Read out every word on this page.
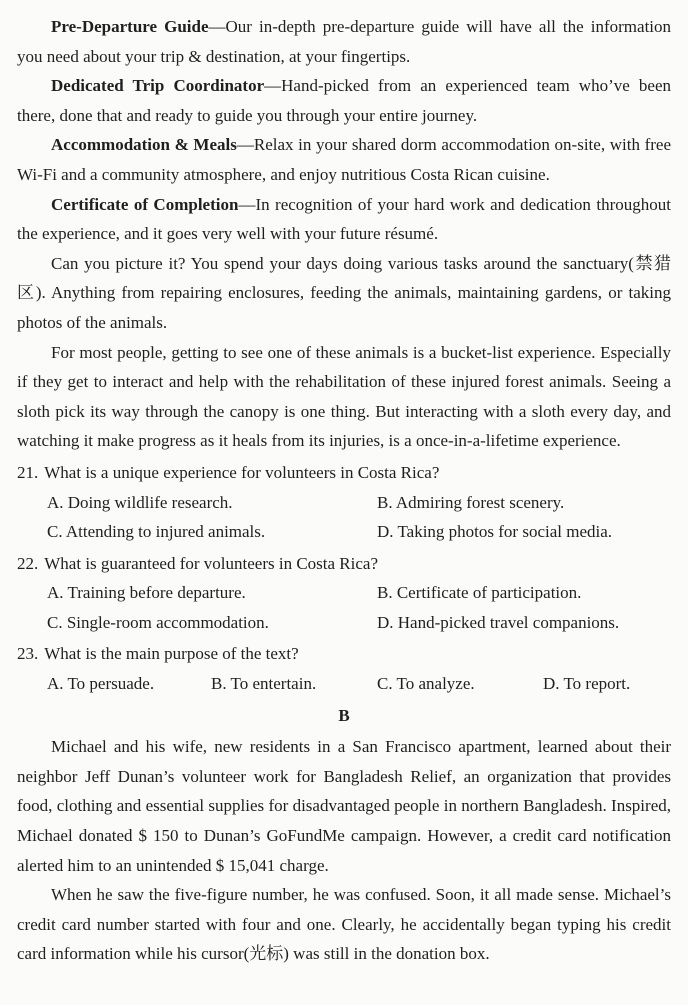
Pre-Departure Guide—Our in-depth pre-departure guide will have all the information you need about your trip & destination, at your fingertips.

Dedicated Trip Coordinator—Hand-picked from an experienced team who’ve been there, done that and ready to guide you through your entire journey.

Accommodation & Meals—Relax in your shared dorm accommodation on-site, with free Wi-Fi and a community atmosphere, and enjoy nutritious Costa Rican cuisine.

Certificate of Completion—In recognition of your hard work and dedication throughout the experience, and it goes very well with your future résumé.

Can you picture it? You spend your days doing various tasks around the sanctuary(禁猎区). Anything from repairing enclosures, feeding the animals, maintaining gardens, or taking photos of the animals.

For most people, getting to see one of these animals is a bucket-list experience. Especially if they get to interact and help with the rehabilitation of these injured forest animals. Seeing a sloth pick its way through the canopy is one thing. But interacting with a sloth every day, and watching it make progress as it heals from its injuries, is a once-in-a-lifetime experience.

21. What is a unique experience for volunteers in Costa Rica?

A. Doing wildlife research.	B. Admiring forest scenery.
C. Attending to injured animals.	D. Taking photos for social media.

22. What is guaranteed for volunteers in Costa Rica?

A. Training before departure.	B. Certificate of participation.
C. Single-room accommodation.	D. Hand-picked travel companions.

23. What is the main purpose of the text?

A. To persuade.	B. To entertain.	C. To analyze.	D. To report.

B

Michael and his wife, new residents in a San Francisco apartment, learned about their neighbor Jeff Dunan’s volunteer work for Bangladesh Relief, an organization that provides food, clothing and essential supplies for disadvantaged people in northern Bangladesh. Inspired, Michael donated $ 150 to Dunan’s GoFundMe campaign. However, a credit card notification alerted him to an unintended $ 15,041 charge.

When he saw the five-figure number, he was confused. Soon, it all made sense. Michael’s credit card number started with four and one. Clearly, he accidentally began typing his credit card information while his cursor(光标) was still in the donation box.
